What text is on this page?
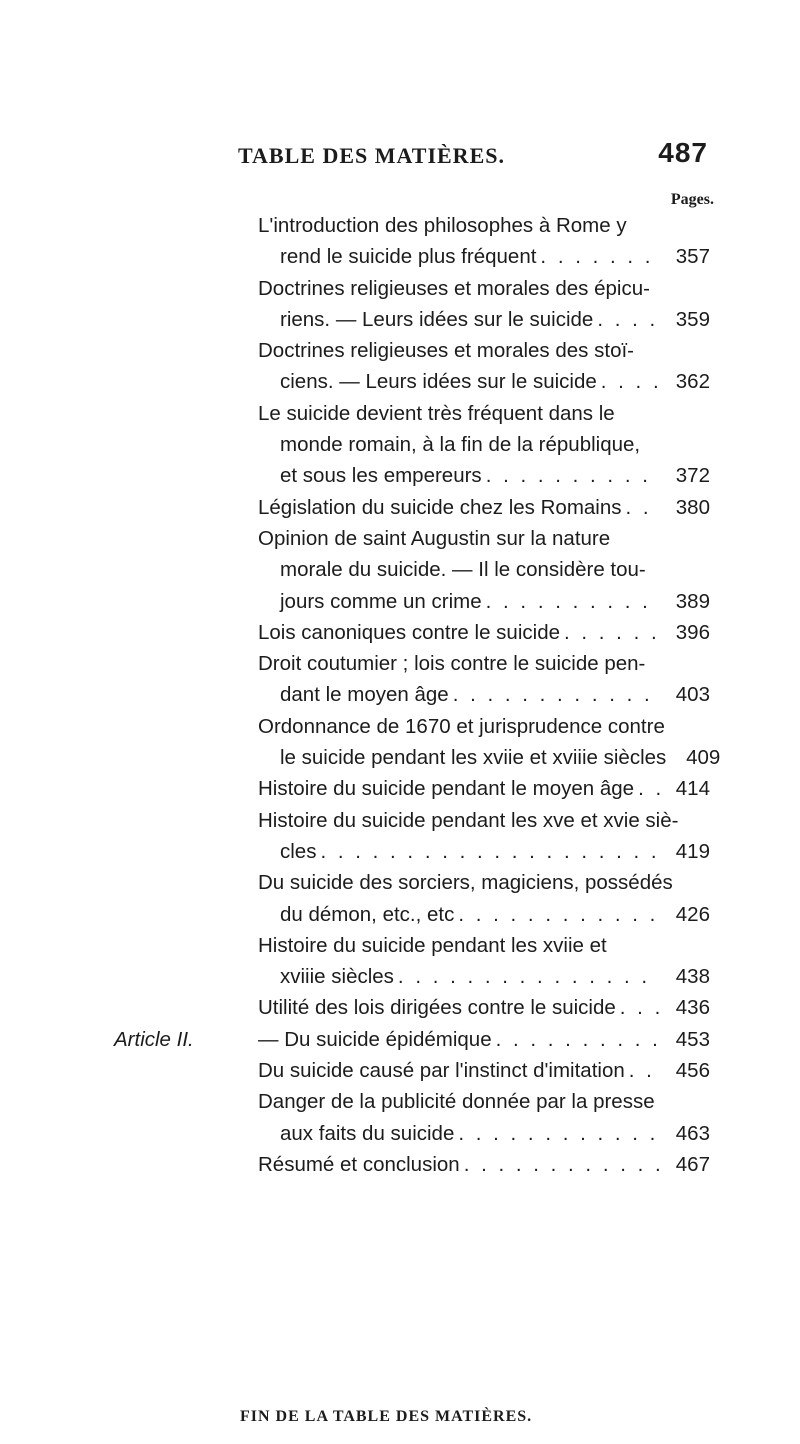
TABLE DES MATIÈRES.	487
Pages.
L'introduction des philosophes à Rome y
rend le suicide plus fréquent . . .	357
Doctrines religieuses et morales des épicu-
riens. — Leurs idées sur le suicide . . .	359
Doctrines religieuses et morales des stoï-
ciens. — Leurs idées sur le suicide . . .	362
Le suicide devient très fréquent dans le
monde romain, à la fin de la république,
et sous les empereurs . . .	372
Législation du suicide chez les Romains . . .	380
Opinion de saint Augustin sur la nature
morale du suicide. — Il le considère tou-
jours comme un crime . . .	389
Lois canoniques contre le suicide . . .	396
Droit coutumier ; lois contre le suicide pen-
dant le moyen âge . . .	403
Ordonnance de 1670 et jurisprudence contre
le suicide pendant les xviie et xviiie siècles . . . 409
Histoire du suicide pendant le moyen âge . . .	414
Histoire du suicide pendant les xve et xvie siè-
cles . . .	419
Du suicide des sorciers, magiciens, possédés
du démon, etc., etc . . .	426
Histoire du suicide pendant les xviie et
xviiie siècles . . .	438
Utilité des lois dirigées contre le suicide . . .	436
Article II.	— Du suicide épidémique . . .	453
Du suicide causé par l'instinct d'imitation . . .	456
Danger de la publicité donnée par la presse
aux faits du suicide . . .	463
Résumé et conclusion . . .	467
FIN DE LA TABLE DES MATIÈRES.
